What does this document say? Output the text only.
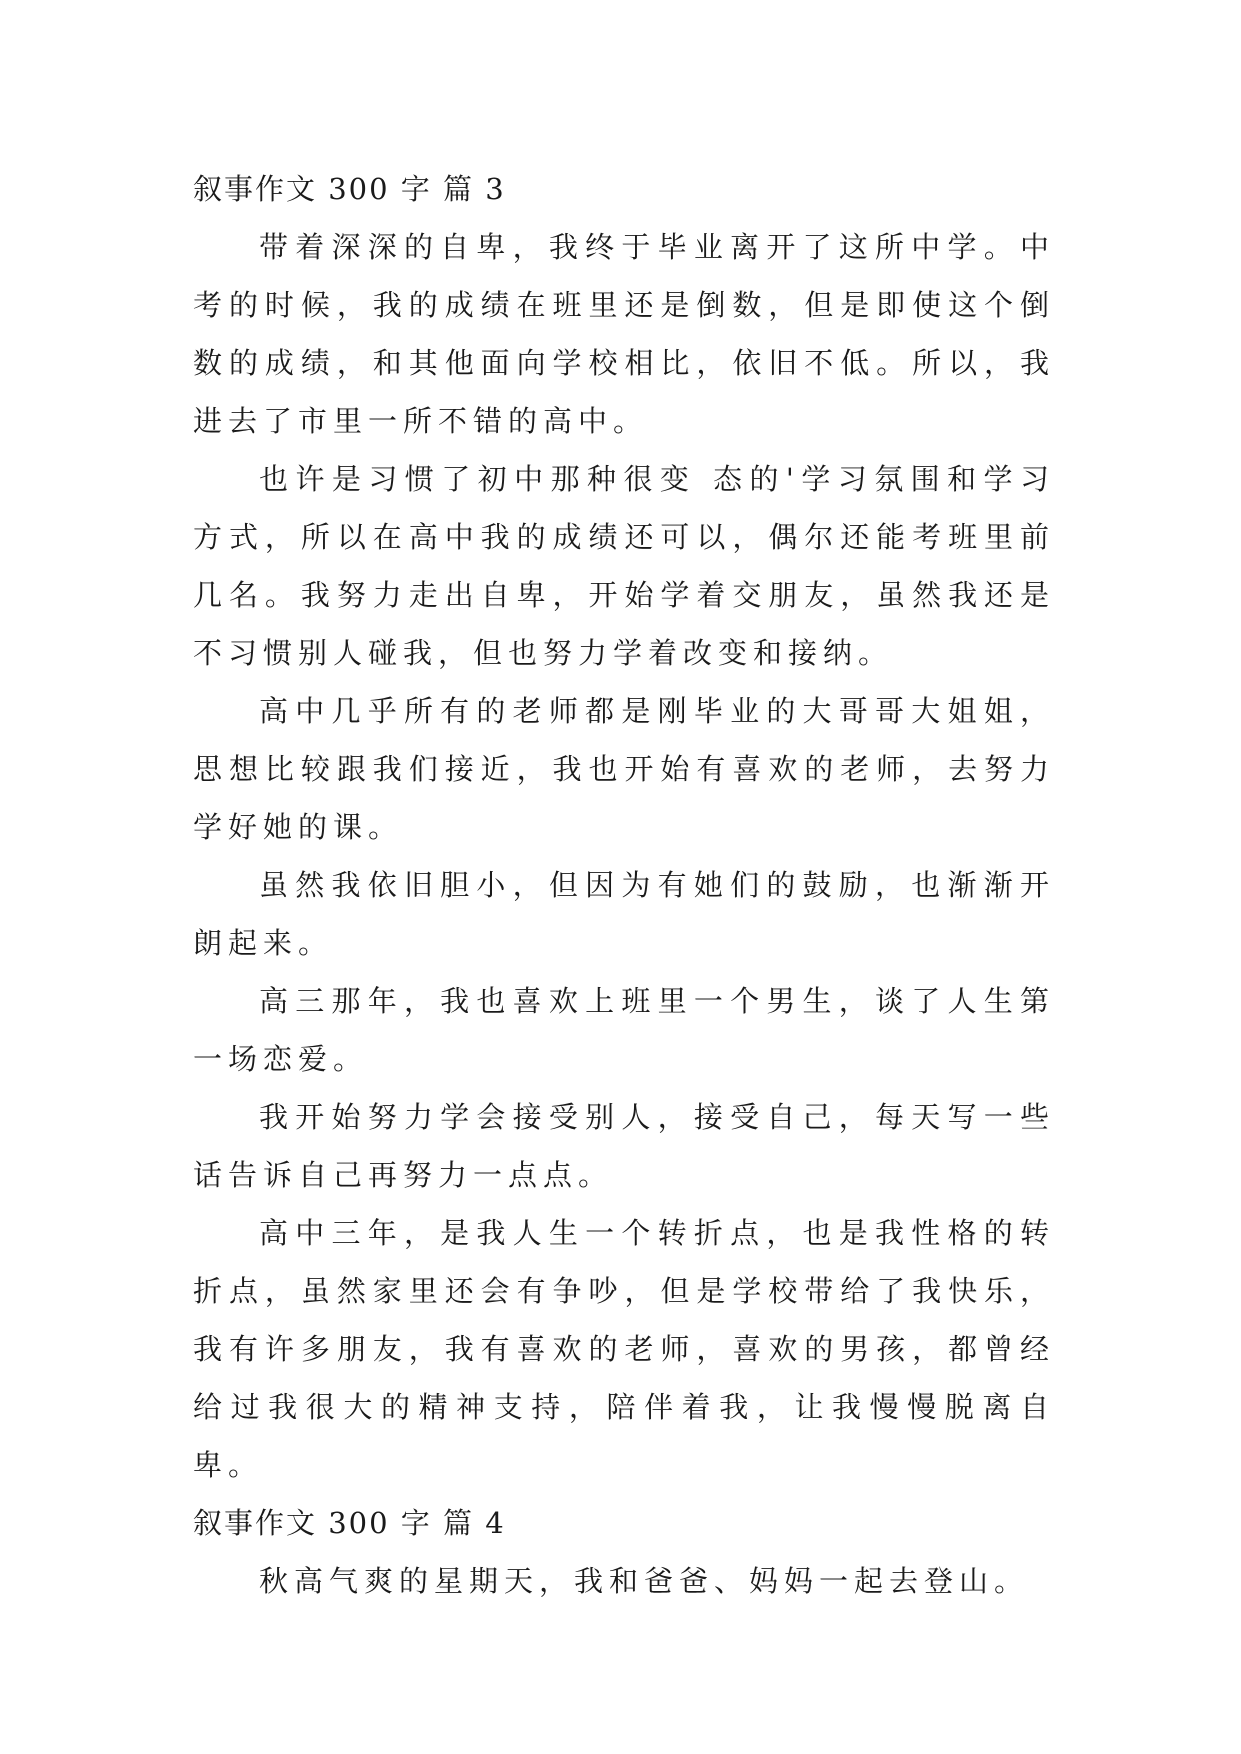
叙事作文 300 字 篇 3

带着深深的自卑，我终于毕业离开了这所中学。中考的时候，我的成绩在班里还是倒数，但是即使这个倒数的成绩，和其他面向学校相比，依旧不低。所以，我进去了市里一所不错的高中。

也许是习惯了初中那种很变 态的'学习氛围和学习方式，所以在高中我的成绩还可以，偶尔还能考班里前几名。我努力走出自卑，开始学着交朋友，虽然我还是不习惯别人碰我，但也努力学着改变和接纳。

高中几乎所有的老师都是刚毕业的大哥哥大姐姐，思想比较跟我们接近，我也开始有喜欢的老师，去努力学好她的课。

虽然我依旧胆小，但因为有她们的鼓励，也渐渐开朗起来。

高三那年，我也喜欢上班里一个男生，谈了人生第 一场恋爱。

我开始努力学会接受别人，接受自己，每天写一些话告诉自己再努力一点点。

高中三年，是我人生一个转折点，也是我性格的转折点，虽然家里还会有争吵，但是学校带给了我快乐，我有许多朋友，我有喜欢的老师，喜欢的男孩，都曾经给过我很大的精神支持，陪伴着我，让我慢慢脱离自卑。

叙事作文 300 字 篇 4

秋高气爽的星期天，我和爸爸、妈妈一起去登山。
